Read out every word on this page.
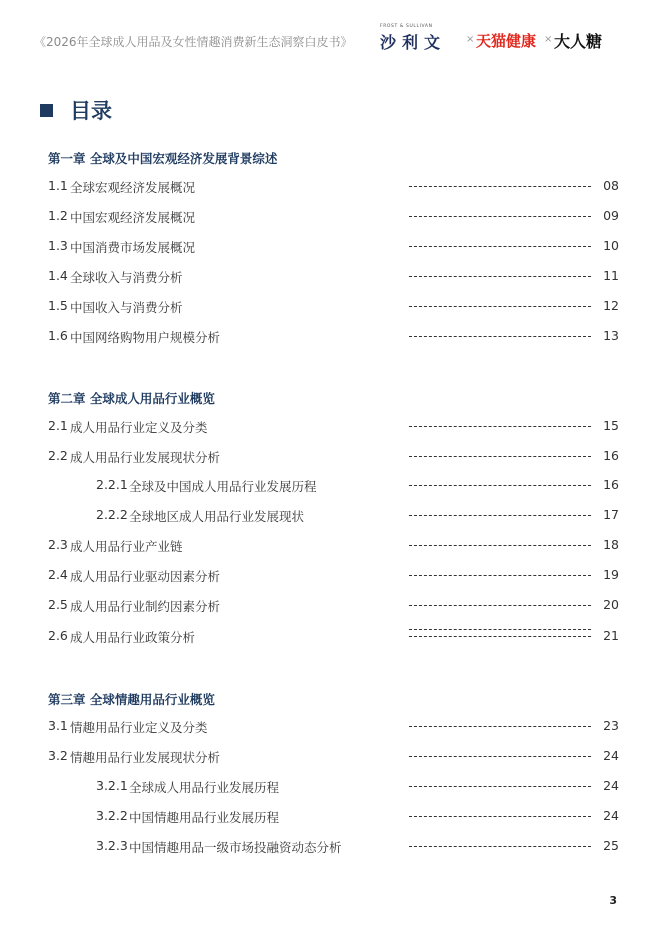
《2026年全球成人用品及女性情趣消费新生态洞察白皮书》
FROST & SULLIVAN
沙利文 × 天猫健康 × 大人糖
目录
第一章 全球及中国宏观经济发展背景综述
1.1 全球宏观经济发展概况	08
1.2 中国宏观经济发展概况	09
1.3 中国消费市场发展概况	10
1.4 全球收入与消费分析	11
1.5 中国收入与消费分析	12
1.6 中国网络购物用户规模分析	13
第二章 全球成人用品行业概览
2.1 成人用品行业定义及分类	15
2.2 成人用品行业发展现状分析	16
2.2.1 全球及中国成人用品行业发展历程	16
2.2.2 全球地区成人用品行业发展现状	17
2.3 成人用品行业产业链	18
2.4 成人用品行业驱动因素分析	19
2.5 成人用品行业制约因素分析	20
2.6 成人用品行业政策分析	21
第三章 全球情趣用品行业概览
3.1 情趣用品行业定义及分类	23
3.2 情趣用品行业发展现状分析	24
3.2.1 全球成人用品行业发展历程	24
3.2.2 中国情趣用品行业发展历程	24
3.2.3 中国情趣用品一级市场投融资动态分析	25
3
